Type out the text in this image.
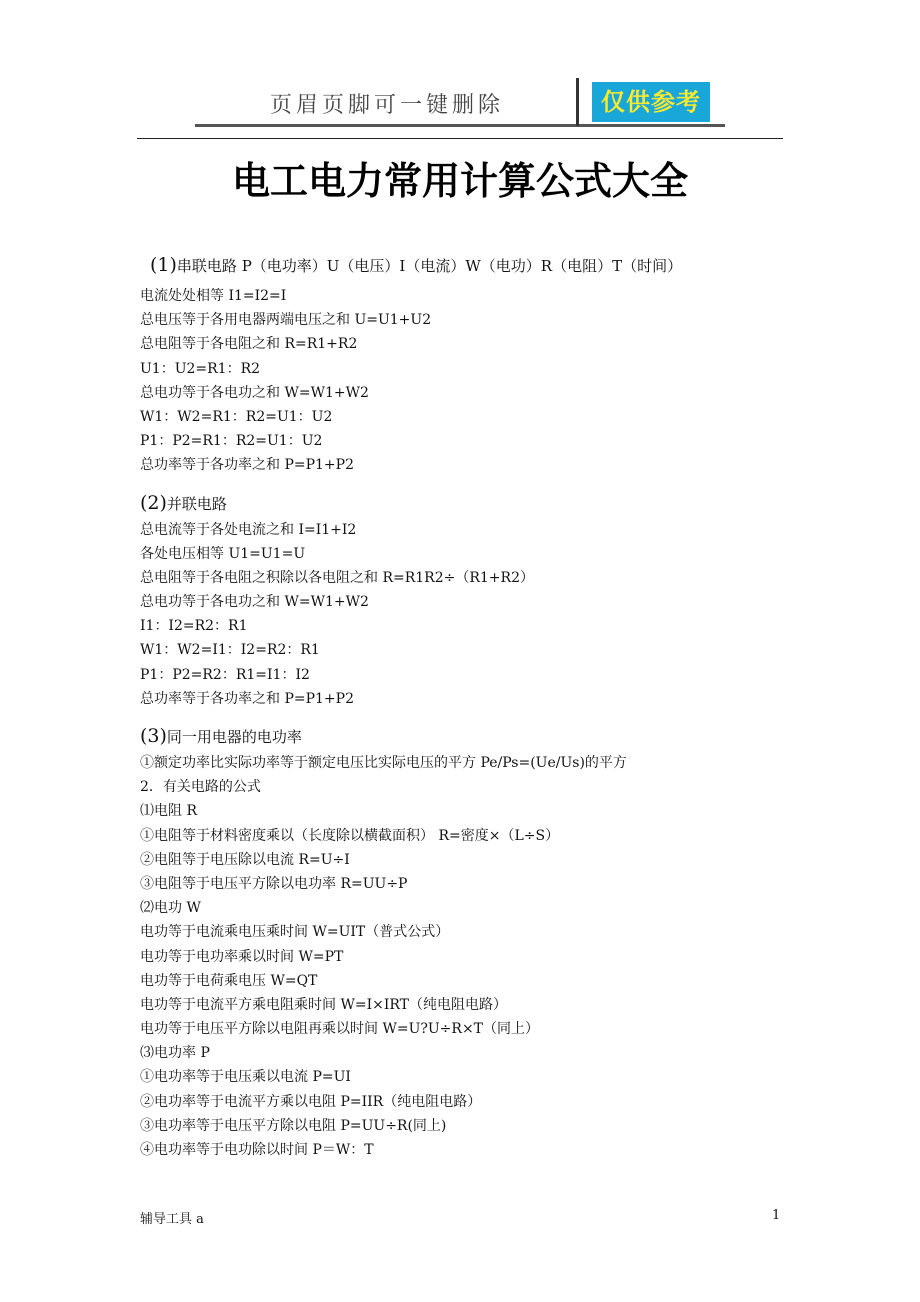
页眉页脚可一键删除	仅供参考
电工电力常用计算公式大全
(1)串联电路 P（电功率）U（电压）I（电流）W（电功）R（电阻）T（时间）
电流处处相等 I1=I2=I
总电压等于各用电器两端电压之和 U=U1+U2
总电阻等于各电阻之和 R=R1+R2
U1：U2=R1：R2
总电功等于各电功之和 W=W1+W2
W1：W2=R1：R2=U1：U2
P1：P2=R1：R2=U1：U2
总功率等于各功率之和 P=P1+P2
(2)并联电路
总电流等于各处电流之和 I=I1+I2
各处电压相等 U1=U1=U
总电阻等于各电阻之积除以各电阻之和 R=R1R2÷（R1+R2）
总电功等于各电功之和 W=W1+W2
I1：I2=R2：R1
W1：W2=I1：I2=R2：R1
P1：P2=R2：R1=I1：I2
总功率等于各功率之和 P=P1+P2
(3)同一用电器的电功率
①额定功率比实际功率等于额定电压比实际电压的平方 Pe/Ps=(Ue/Us)的平方
2．有关电路的公式
⑴电阻 R
①电阻等于材料密度乘以（长度除以横截面积） R=密度×（L÷S）
②电阻等于电压除以电流 R=U÷I
③电阻等于电压平方除以电功率 R=UU÷P
⑵电功 W
电功等于电流乘电压乘时间 W=UIT（普式公式）
电功等于电功率乘以时间 W=PT
电功等于电荷乘电压 W=QT
电功等于电流平方乘电阻乘时间 W=I×IRT（纯电阻电路）
电功等于电压平方除以电阻再乘以时间 W=U?U÷R×T（同上）
⑶电功率 P
①电功率等于电压乘以电流 P=UI
②电功率等于电流平方乘以电阻 P=IIR（纯电阻电路）
③电功率等于电压平方除以电阻 P=UU÷R(同上)
④电功率等于电功除以时间 P＝W：T
辅导工具 a	1
